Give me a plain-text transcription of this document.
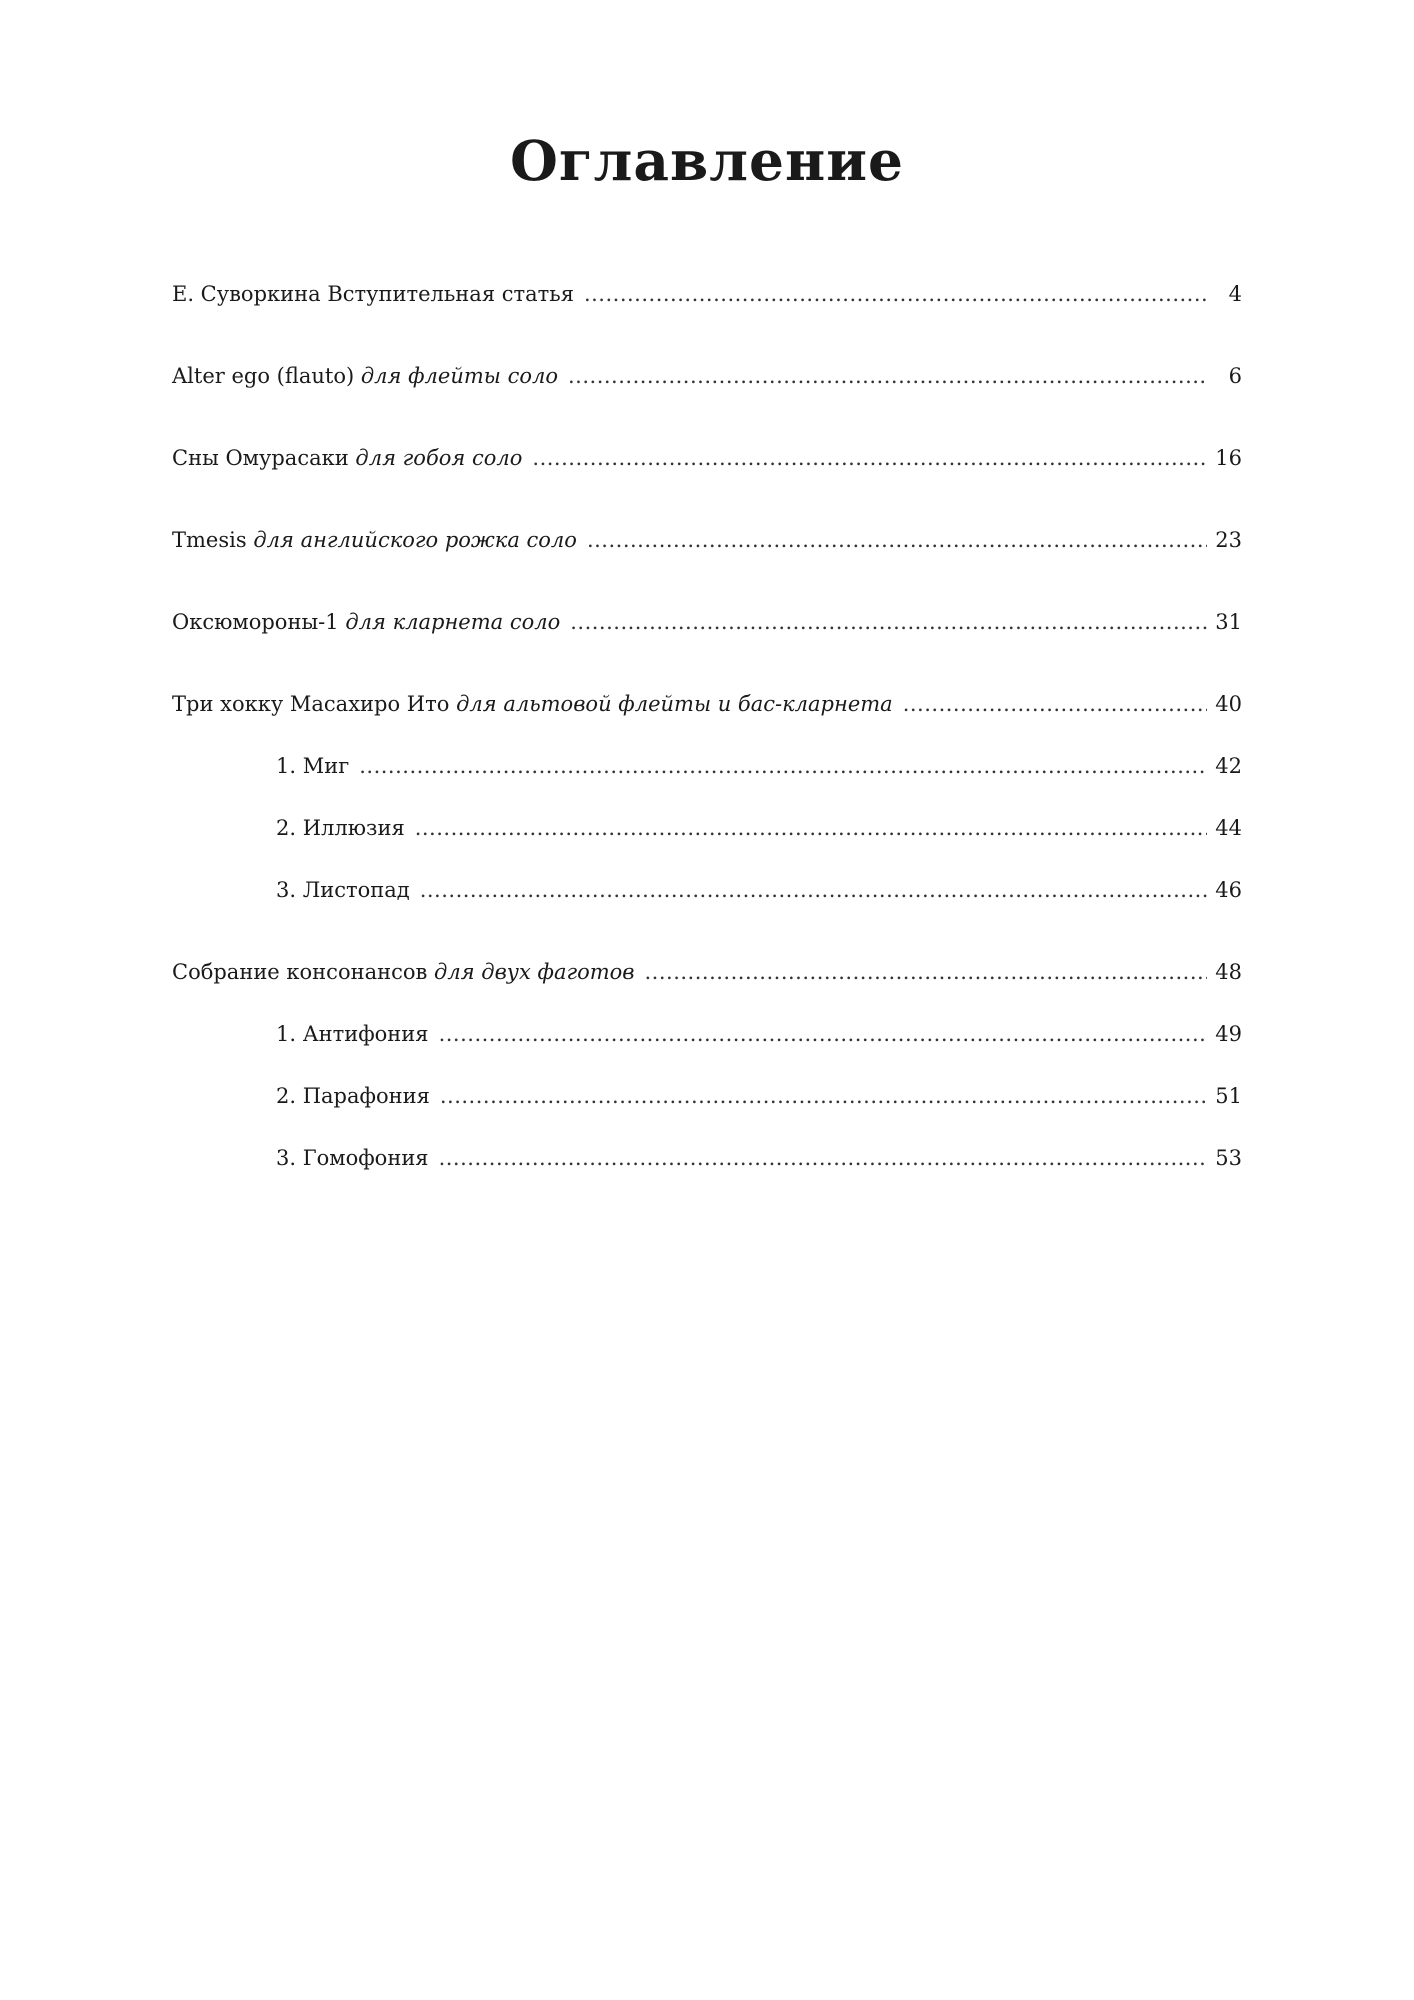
Оглавление
Е. Суворкина Вступительная статья .....	4
Alter ego (flauto) для флейты соло .....	6
Сны Омурасаки для гобоя соло .....	16
Tmesis для английского рожка соло .....	23
Оксюмороны-1 для кларнета соло .....	31
Три хокку Масахиро Ито для альтовой флейты и бас-кларнета .....	40
1. Миг .....	42
2. Иллюзия .....	44
3. Листопад .....	46
Собрание консонансов для двух фаготов .....	48
1. Антифония .....	49
2. Парафония .....	51
3. Гомофония .....	53
